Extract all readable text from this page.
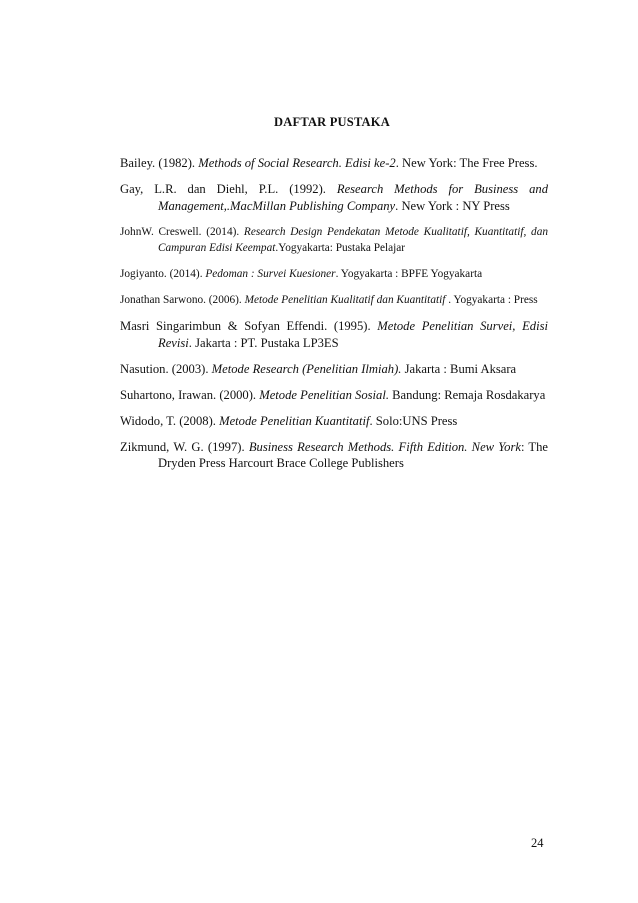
DAFTAR PUSTAKA
Bailey. (1982). Methods of Social Research. Edisi ke-2. New York: The Free Press.
Gay, L.R. dan Diehl, P.L. (1992). Research Methods for Business and Management,.MacMillan Publishing Company. New York : NY Press
JohnW. Creswell. (2014). Research Design Pendekatan Metode Kualitatif, Kuantitatif, dan Campuran Edisi Keempat.Yogyakarta: Pustaka Pelajar
Jogiyanto. (2014). Pedoman : Survei Kuesioner. Yogyakarta : BPFE Yogyakarta
Jonathan Sarwono. (2006). Metode Penelitian Kualitatif dan Kuantitatif . Yogyakarta : Press
Masri Singarimbun & Sofyan Effendi. (1995). Metode Penelitian Survei, Edisi Revisi. Jakarta : PT. Pustaka LP3ES
Nasution. (2003). Metode Research (Penelitian Ilmiah). Jakarta : Bumi Aksara
Suhartono, Irawan. (2000). Metode Penelitian Sosial. Bandung: Remaja Rosdakarya
Widodo, T. (2008). Metode Penelitian Kuantitatif. Solo:UNS Press
Zikmund, W. G. (1997). Business Research Methods. Fifth Edition. New York: The Dryden Press Harcourt Brace College Publishers
24
